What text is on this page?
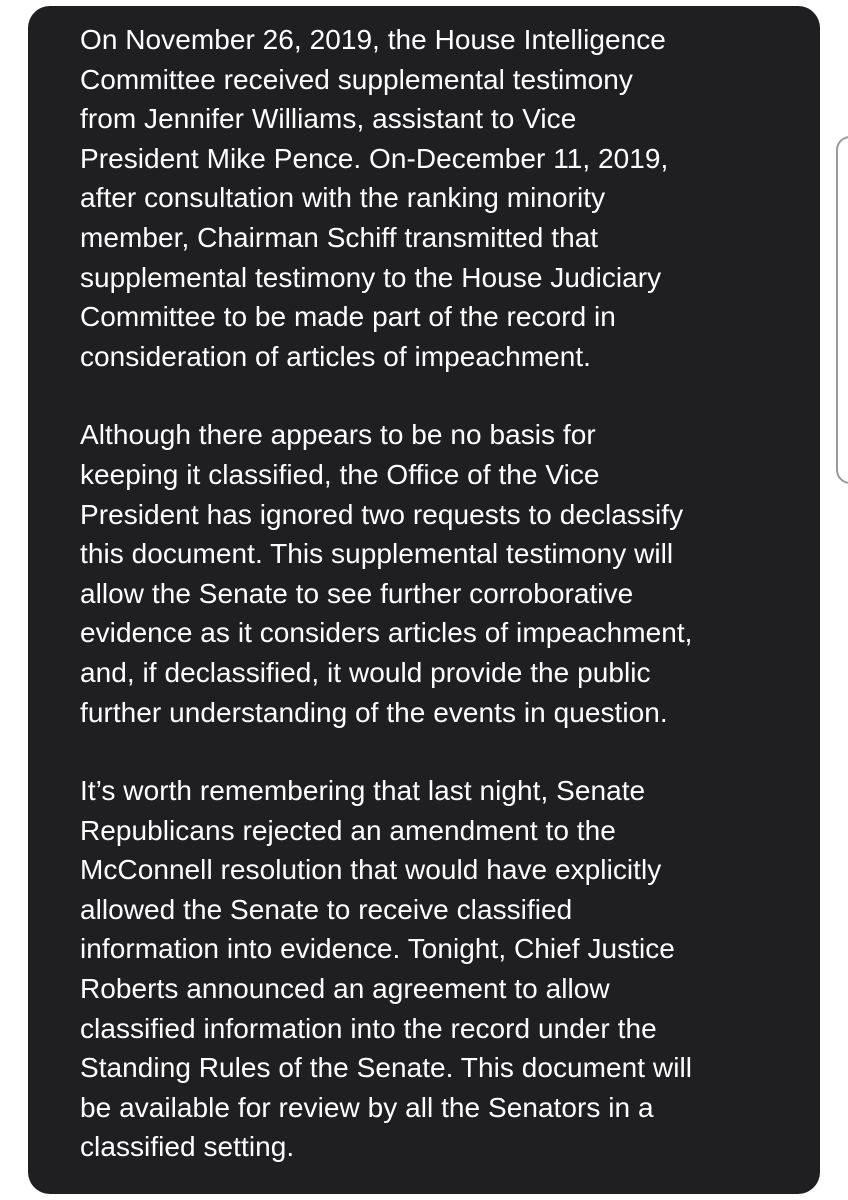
On November 26, 2019, the House Intelligence
Committee received supplemental testimony
from Jennifer Williams, assistant to Vice
President Mike Pence. On-December 11, 2019,
after consultation with the ranking minority
member, Chairman Schiff transmitted that
supplemental testimony to the House Judiciary
Committee to be made part of the record in
consideration of articles of impeachment.

Although there appears to be no basis for
keeping it classified, the Office of the Vice
President has ignored two requests to declassify
this document. This supplemental testimony will
allow the Senate to see further corroborative
evidence as it considers articles of impeachment,
and, if declassified, it would provide the public
further understanding of the events in question.

It’s worth remembering that last night, Senate
Republicans rejected an amendment to the
McConnell resolution that would have explicitly
allowed the Senate to receive classified
information into evidence. Tonight, Chief Justice
Roberts announced an agreement to allow
classified information into the record under the
Standing Rules of the Senate. This document will
be available for review by all the Senators in a
classified setting.
